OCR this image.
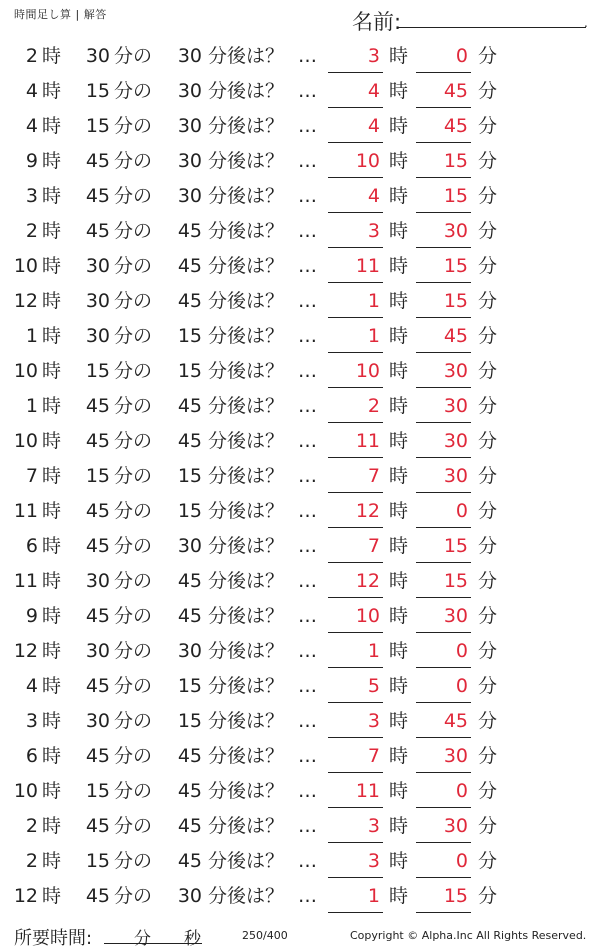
時間足し算 | 解答	名前:	.
2 時	30 分の	30 分後は？ …	3 時	0 分
4 時	15 分の	30 分後は？ …	4 時	45 分
4 時	15 分の	30 分後は？ …	4 時	45 分
9 時	45 分の	30 分後は？ …	10 時	15 分
3 時	45 分の	30 分後は？ …	4 時	15 分
2 時	45 分の	45 分後は？ …	3 時	30 分
10 時	30 分の	45 分後は？ …	11 時	15 分
12 時	30 分の	45 分後は？ …	1 時	15 分
1 時	30 分の	15 分後は？ …	1 時	45 分
10 時	15 分の	15 分後は？ …	10 時	30 分
1 時	45 分の	45 分後は？ …	2 時	30 分
10 時	45 分の	45 分後は？ …	11 時	30 分
7 時	15 分の	15 分後は？ …	7 時	30 分
11 時	45 分の	15 分後は？ …	12 時	0 分
6 時	45 分の	30 分後は？ …	7 時	15 分
11 時	30 分の	45 分後は？ …	12 時	15 分
9 時	45 分の	45 分後は？ …	10 時	30 分
12 時	30 分の	30 分後は？ …	1 時	0 分
4 時	45 分の	15 分後は？ …	5 時	0 分
3 時	30 分の	15 分後は？ …	3 時	45 分
6 時	45 分の	45 分後は？ …	7 時	30 分
10 時	15 分の	45 分後は？ …	11 時	0 分
2 時	45 分の	45 分後は？ …	3 時	30 分
2 時	15 分の	45 分後は？ …	3 時	0 分
12 時	45 分の	30 分後は？ …	1 時	15 分
所要時間: 分 秒	250/400	Copyright © Alpha.Inc All Rights Reserved.
